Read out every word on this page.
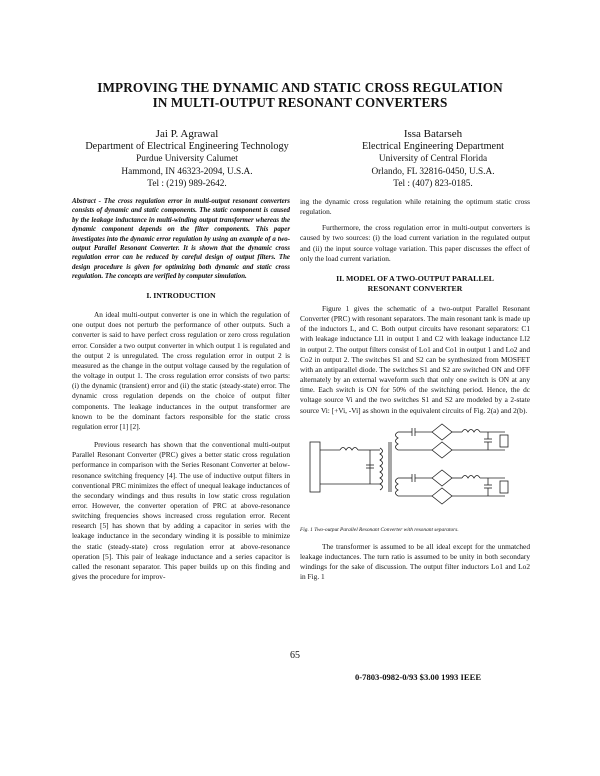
IMPROVING THE DYNAMIC AND STATIC CROSS REGULATION
IN MULTI-OUTPUT RESONANT CONVERTERS
Jai P. Agrawal
Department of Electrical Engineering Technology
Purdue University Calumet
Hammond, IN 46323-2094, U.S.A.
Tel : (219) 989-2642.
Issa Batarseh
Electrical Engineering Department
University of Central Florida
Orlando, FL 32816-0450, U.S.A.
Tel : (407) 823-0185.

Abstract - The cross regulation error in multi-output resonant converters consists of dynamic and static components. The static component is caused by the leakage inductance in multi-winding output transformer whereas the dynamic component depends on the filter components. This paper investigates into the dynamic error regulation by using an example of a two-output Parallel Resonant Converter. It is shown that the dynamic cross regulation error can be reduced by careful design of output filters. The design procedure is given for optimizing both dynamic and static cross regulation. The concepts are verified by computer simulation.

I. INTRODUCTION

An ideal multi-output converter is one in which the regulation of one output does not perturb the performance of other outputs. Such a converter is said to have perfect cross regulation or zero cross regulation error. Consider a two output converter in which output 1 is regulated and the output 2 is unregulated. The cross regulation error in output 2 is measured as the change in the output voltage caused by the regulation of the voltage in output 1. The cross regulation error consists of two parts: (i) the dynamic (transient) error and (ii) the static (steady-state) error. The dynamic cross regulation depends on the choice of output filter components. The leakage inductances in the output transformer are known to be the dominant factors responsible for the static cross regulation error [1] [2].

Previous research has shown that the conventional multi-output Parallel Resonant Converter (PRC) gives a better static cross regulation performance in comparison with the Series Resonant Converter at below-resonance switching frequency [4]. The use of inductive output filters in conventional PRC minimizes the effect of unequal leakage inductances of the secondary windings and thus results in low static cross regulation error. However, the converter operation of PRC at above-resonance switching frequencies shows increased cross regulation error. Recent research [5] has shown that by adding a capacitor in series with the leakage inductance in the secondary winding it is possible to minimize the static (steady-state) cross regulation error at above-resonance operation [5]. This pair of leakage inductance and a series capacitor is called the resonant separator. This paper builds up on this finding and gives the procedure for improv-

ing the dynamic cross regulation while retaining the optimum static cross regulation.

Furthermore, the cross regulation error in multi-output converters is caused by two sources: (i) the load current variation in the regulated output and (ii) the input source voltage variation. This paper discusses the effect of only the load current variation.

II. MODEL OF A TWO-OUTPUT PARALLEL
RESONANT CONVERTER

Figure 1 gives the schematic of a two-output Parallel Resonant Converter (PRC) with resonant separators. The main resonant tank is made up of the inductors L, and C. Both output circuits have resonant separators: C1 with leakage inductance Ll1 in output 1 and C2 with leakage inductance Ll2 in output 2. The output filters consist of Lo1 and Co1 in output 1 and Lo2 and Co2 in output 2. The switches S1 and S2 can be synthesized from MOSFET with an antiparallel diode. The switches S1 and S2 are switched ON and OFF alternately by an external waveform such that only one switch is ON at any time. Each switch is ON for 50% of the switching period. Hence, the dc voltage source Vi and the two switches S1 and S2 are modeled by a 2-state source Vi: [+Vi, -Vi] as shown in the equivalent circuits of Fig. 2(a) and 2(b).

Fig. 1 Two-output Parallel Resonant Converter with resonant separators.

The transformer is assumed to be all ideal except for the unmatched leakage inductances. The turn ratio is assumed to be unity in both secondary windings for the sake of discussion. The output filter inductors Lo1 and Lo2 in Fig. 1

65
0-7803-0982-0/93 $3.00 1993 IEEE
